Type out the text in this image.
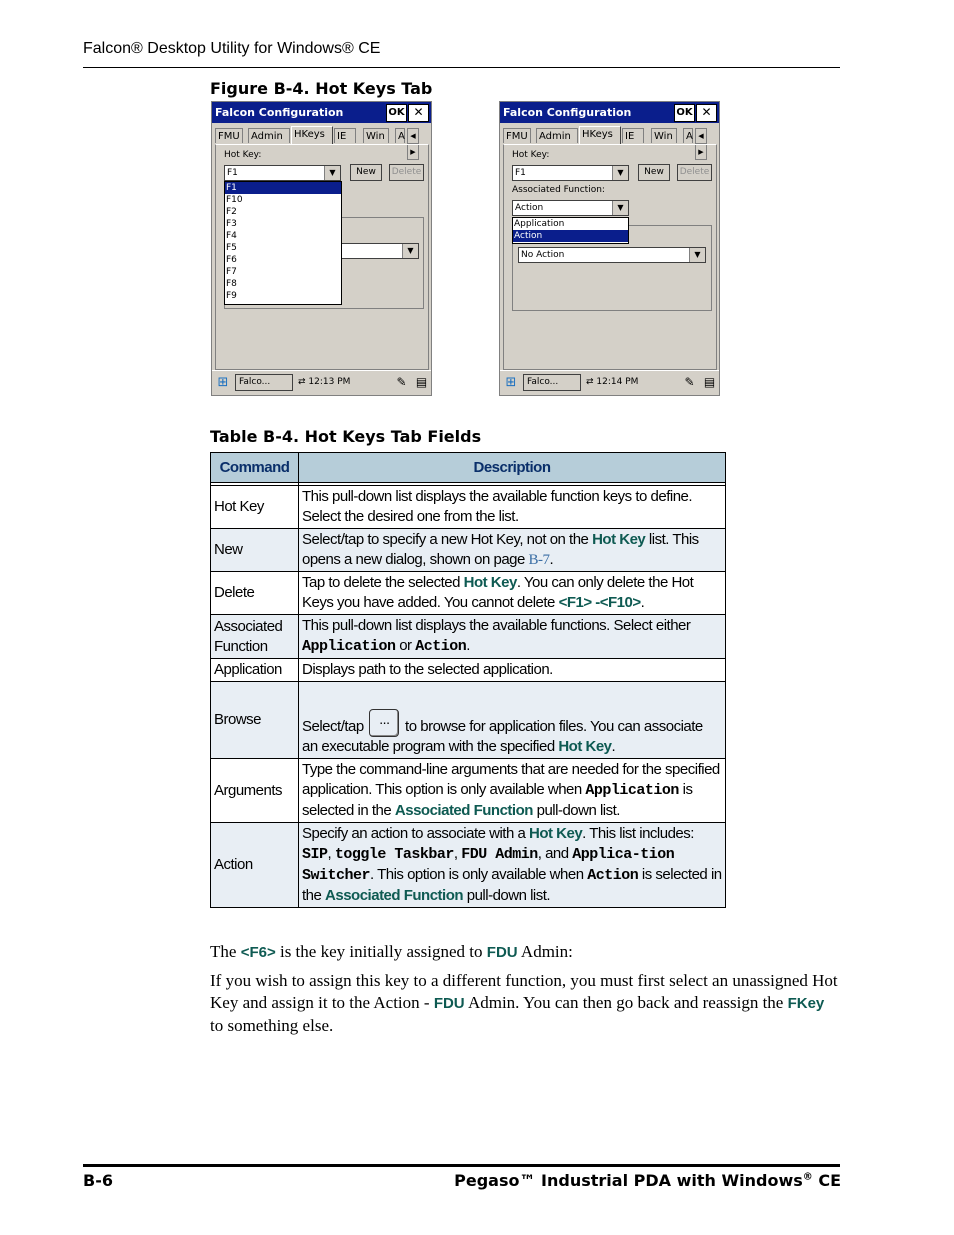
Falcon® Desktop Utility for Windows® CE
Figure B-4. Hot Keys Tab
Falcon Configuration	OK ✕
FMU	Admin	HKeys	IE	Win	A ◀▶
Hot Key:
F1	▼	New	Delete
▼
F1
F10
F2
F3
F4
F5
F6
F7
F8
F9
⊞	Falco...	⇄ 12:13 PM	✎ ▤
Falcon Configuration	OK ✕
FMU	Admin	HKeys	IE	Win	A ◀▶
Hot Key:
F1	▼	New	Delete
Associated Function:
Action	▼
No Action	▼
Application
Action
⊞	Falco...	⇄ 12:14 PM	✎ ▤
Table B-4. Hot Keys Tab Fields
Command	Description

Hot Key	This pull-down list displays the available function keys to define. Select the desired one from the list.
New	Select/tap to specify a new Hot Key, not on the Hot Key list. This opens a new dialog, shown on page B-7.
Delete	Tap to delete the selected Hot Key. You can only delete the Hot Keys you have added. You cannot delete <F1> -<F10>.
Associated Function	This pull-down list displays the available functions. Select either Application or Action.
Application	Displays path to the selected application.
Browse	Select/tap ... to browse for application files. You can associate an executable program with the specified Hot Key.
Arguments	Type the command-line arguments that are needed for the specified application. This option is only available when Application is selected in the Associated Function pull-down list.
Action	Specify an action to associate with a Hot Key. This list includes: SIP, toggle Taskbar, FDU Admin, and Applica-tion Switcher. This option is only available when Action is selected in the Associated Function pull-down list.
The <F6> is the key initially assigned to FDU Admin:
If you wish to assign this key to a different function, you must first select an unassigned Hot Key and assign it to the Action - FDU Admin. You can then go back and reassign the FKey to something else.
B-6	Pegaso™ Industrial PDA with Windows® CE
